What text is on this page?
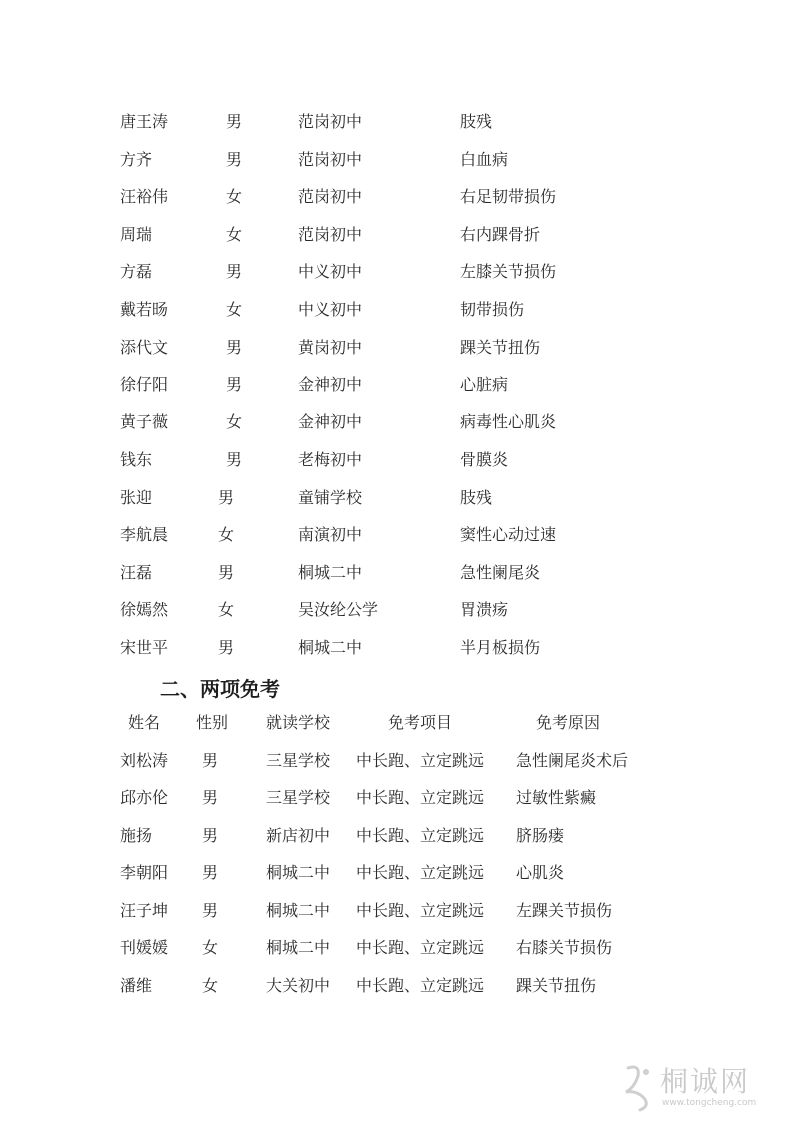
唐王涛	男	范岗初中	肢残
方齐	男	范岗初中	白血病
汪裕伟	女	范岗初中	右足韧带损伤
周瑞	女	范岗初中	右内踝骨折
方磊	男	中义初中	左膝关节损伤
戴若旸	女	中义初中	韧带损伤
添代文	男	黄岗初中	踝关节扭伤
徐仔阳	男	金神初中	心脏病
黄子薇	女	金神初中	病毒性心肌炎
钱东	男	老梅初中	骨膜炎
张迎	男	童铺学校	肢残
李航晨	女	南演初中	窦性心动过速
汪磊	男	桐城二中	急性阑尾炎
徐嫣然	女	吴汝纶公学	胃溃疡
宋世平	男	桐城二中	半月板损伤
二、两项免考
姓名 性别 就读学校	免考项目	免考原因
刘松涛 男	三星学校 中长跑、立定跳远 急性阑尾炎术后
邱亦伦 男	三星学校 中长跑、立定跳远 过敏性紫癜
施扬	男	新店初中 中长跑、立定跳远 脐肠瘘
李朝阳 男	桐城二中 中长跑、立定跳远 心肌炎
汪子坤 男	桐城二中 中长跑、立定跳远 左踝关节损伤
刊媛媛 女	桐城二中 中长跑、立定跳远 右膝关节损伤
潘维	女	大关初中 中长跑、立定跳远 踝关节扭伤
桐诚网
www.tongcheng.com
